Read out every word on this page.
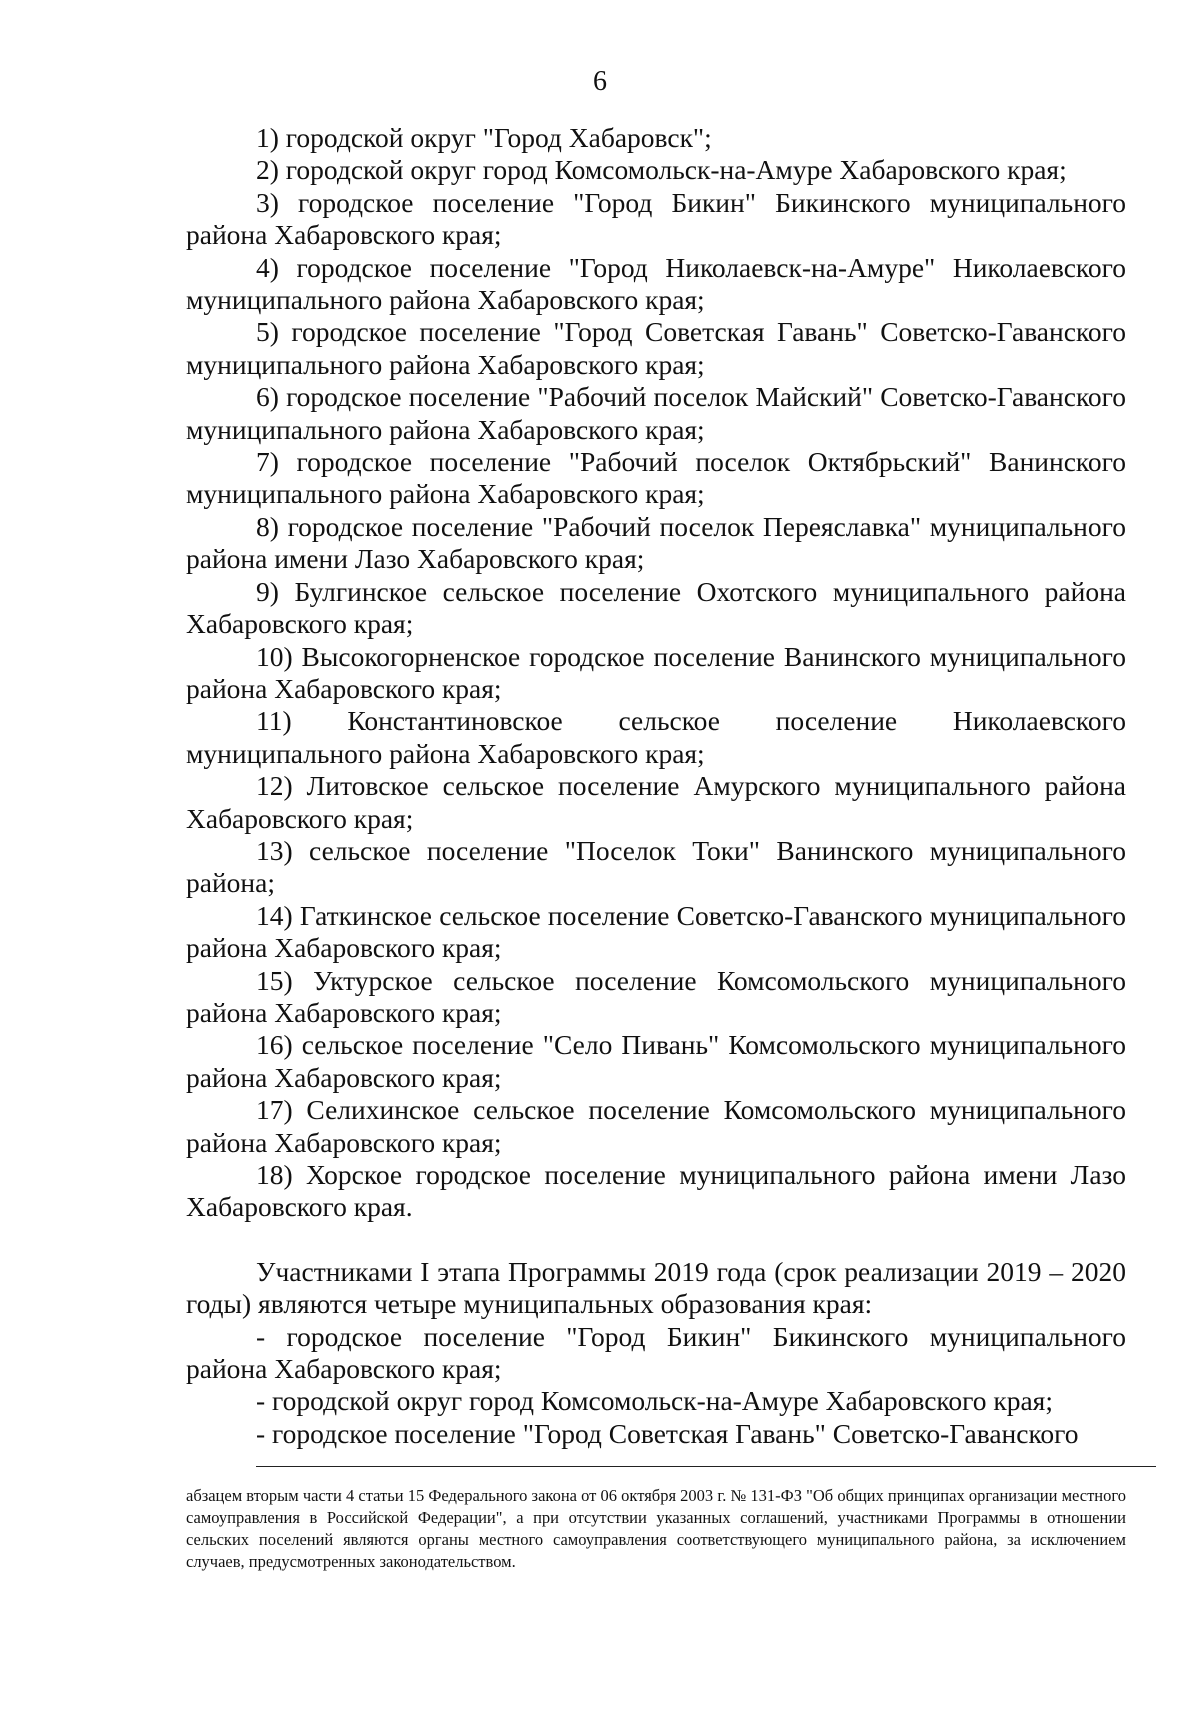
6

1) городской округ "Город Хабаровск";

2) городской округ город Комсомольск-на-Амуре Хабаровского края;

3) городское поселение "Город Бикин" Бикинского муниципального района Хабаровского края;

4) городское поселение "Город Николаевск-на-Амуре" Николаевского муниципального района Хабаровского края;

5) городское поселение "Город Советская Гавань" Советско-Гаванского муниципального района Хабаровского края;

6) городское поселение "Рабочий поселок Майский" Советско-Гаванского муниципального района Хабаровского края;

7) городское поселение "Рабочий поселок Октябрьский" Ванинского муниципального района Хабаровского края;

8) городское поселение "Рабочий поселок Переяславка" муниципального района имени Лазо Хабаровского края;

9) Булгинское сельское поселение Охотского муниципального района Хабаровского края;

10) Высокогорненское городское поселение Ванинского муниципального района Хабаровского края;

11) Константиновское сельское поселение Николаевского муниципального района Хабаровского края;

12) Литовское сельское поселение Амурского муниципального района Хабаровского края;

13) сельское поселение "Поселок Токи" Ванинского муниципального района;

14) Гаткинское сельское поселение Советско-Гаванского муниципального района Хабаровского края;

15) Уктурское сельское поселение Комсомольского муниципального района Хабаровского края;

16) сельское поселение "Село Пивань" Комсомольского муниципального района Хабаровского края;

17) Селихинское сельское поселение Комсомольского муниципального района Хабаровского края;

18) Хорское городское поселение муниципального района имени Лазо Хабаровского края.

Участниками I этапа Программы 2019 года (срок реализации 2019 – 2020 годы) являются четыре муниципальных образования края:

- городское поселение "Город Бикин" Бикинского муниципального района Хабаровского края;

- городской округ город Комсомольск-на-Амуре Хабаровского края;

- городское поселение "Город Советская Гавань" Советско-Гаванского

абзацем вторым части 4 статьи 15 Федерального закона от 06 октября 2003 г. № 131-ФЗ "Об общих принципах организации местного самоуправления в Российской Федерации", а при отсутствии указанных соглашений, участниками Программы в отношении сельских поселений являются органы местного самоуправления соответствующего муниципального района, за исключением случаев, предусмотренных законодательством.
